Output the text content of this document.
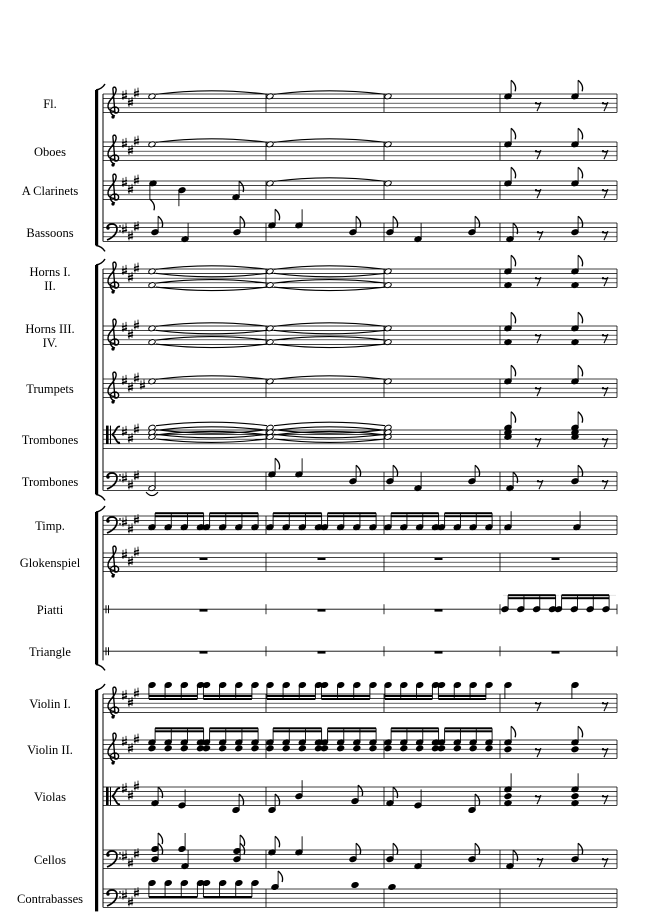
Fl.
Oboes
A Clarinets
Bassoons
Horns I.
II.
Horns III.
IV.
Trumpets
Trombones
Trombones
Timp.
Glokenspiel
Piatti
Triangle
Violin I.
Violin II.
Violas
Cellos
Contrabasses
